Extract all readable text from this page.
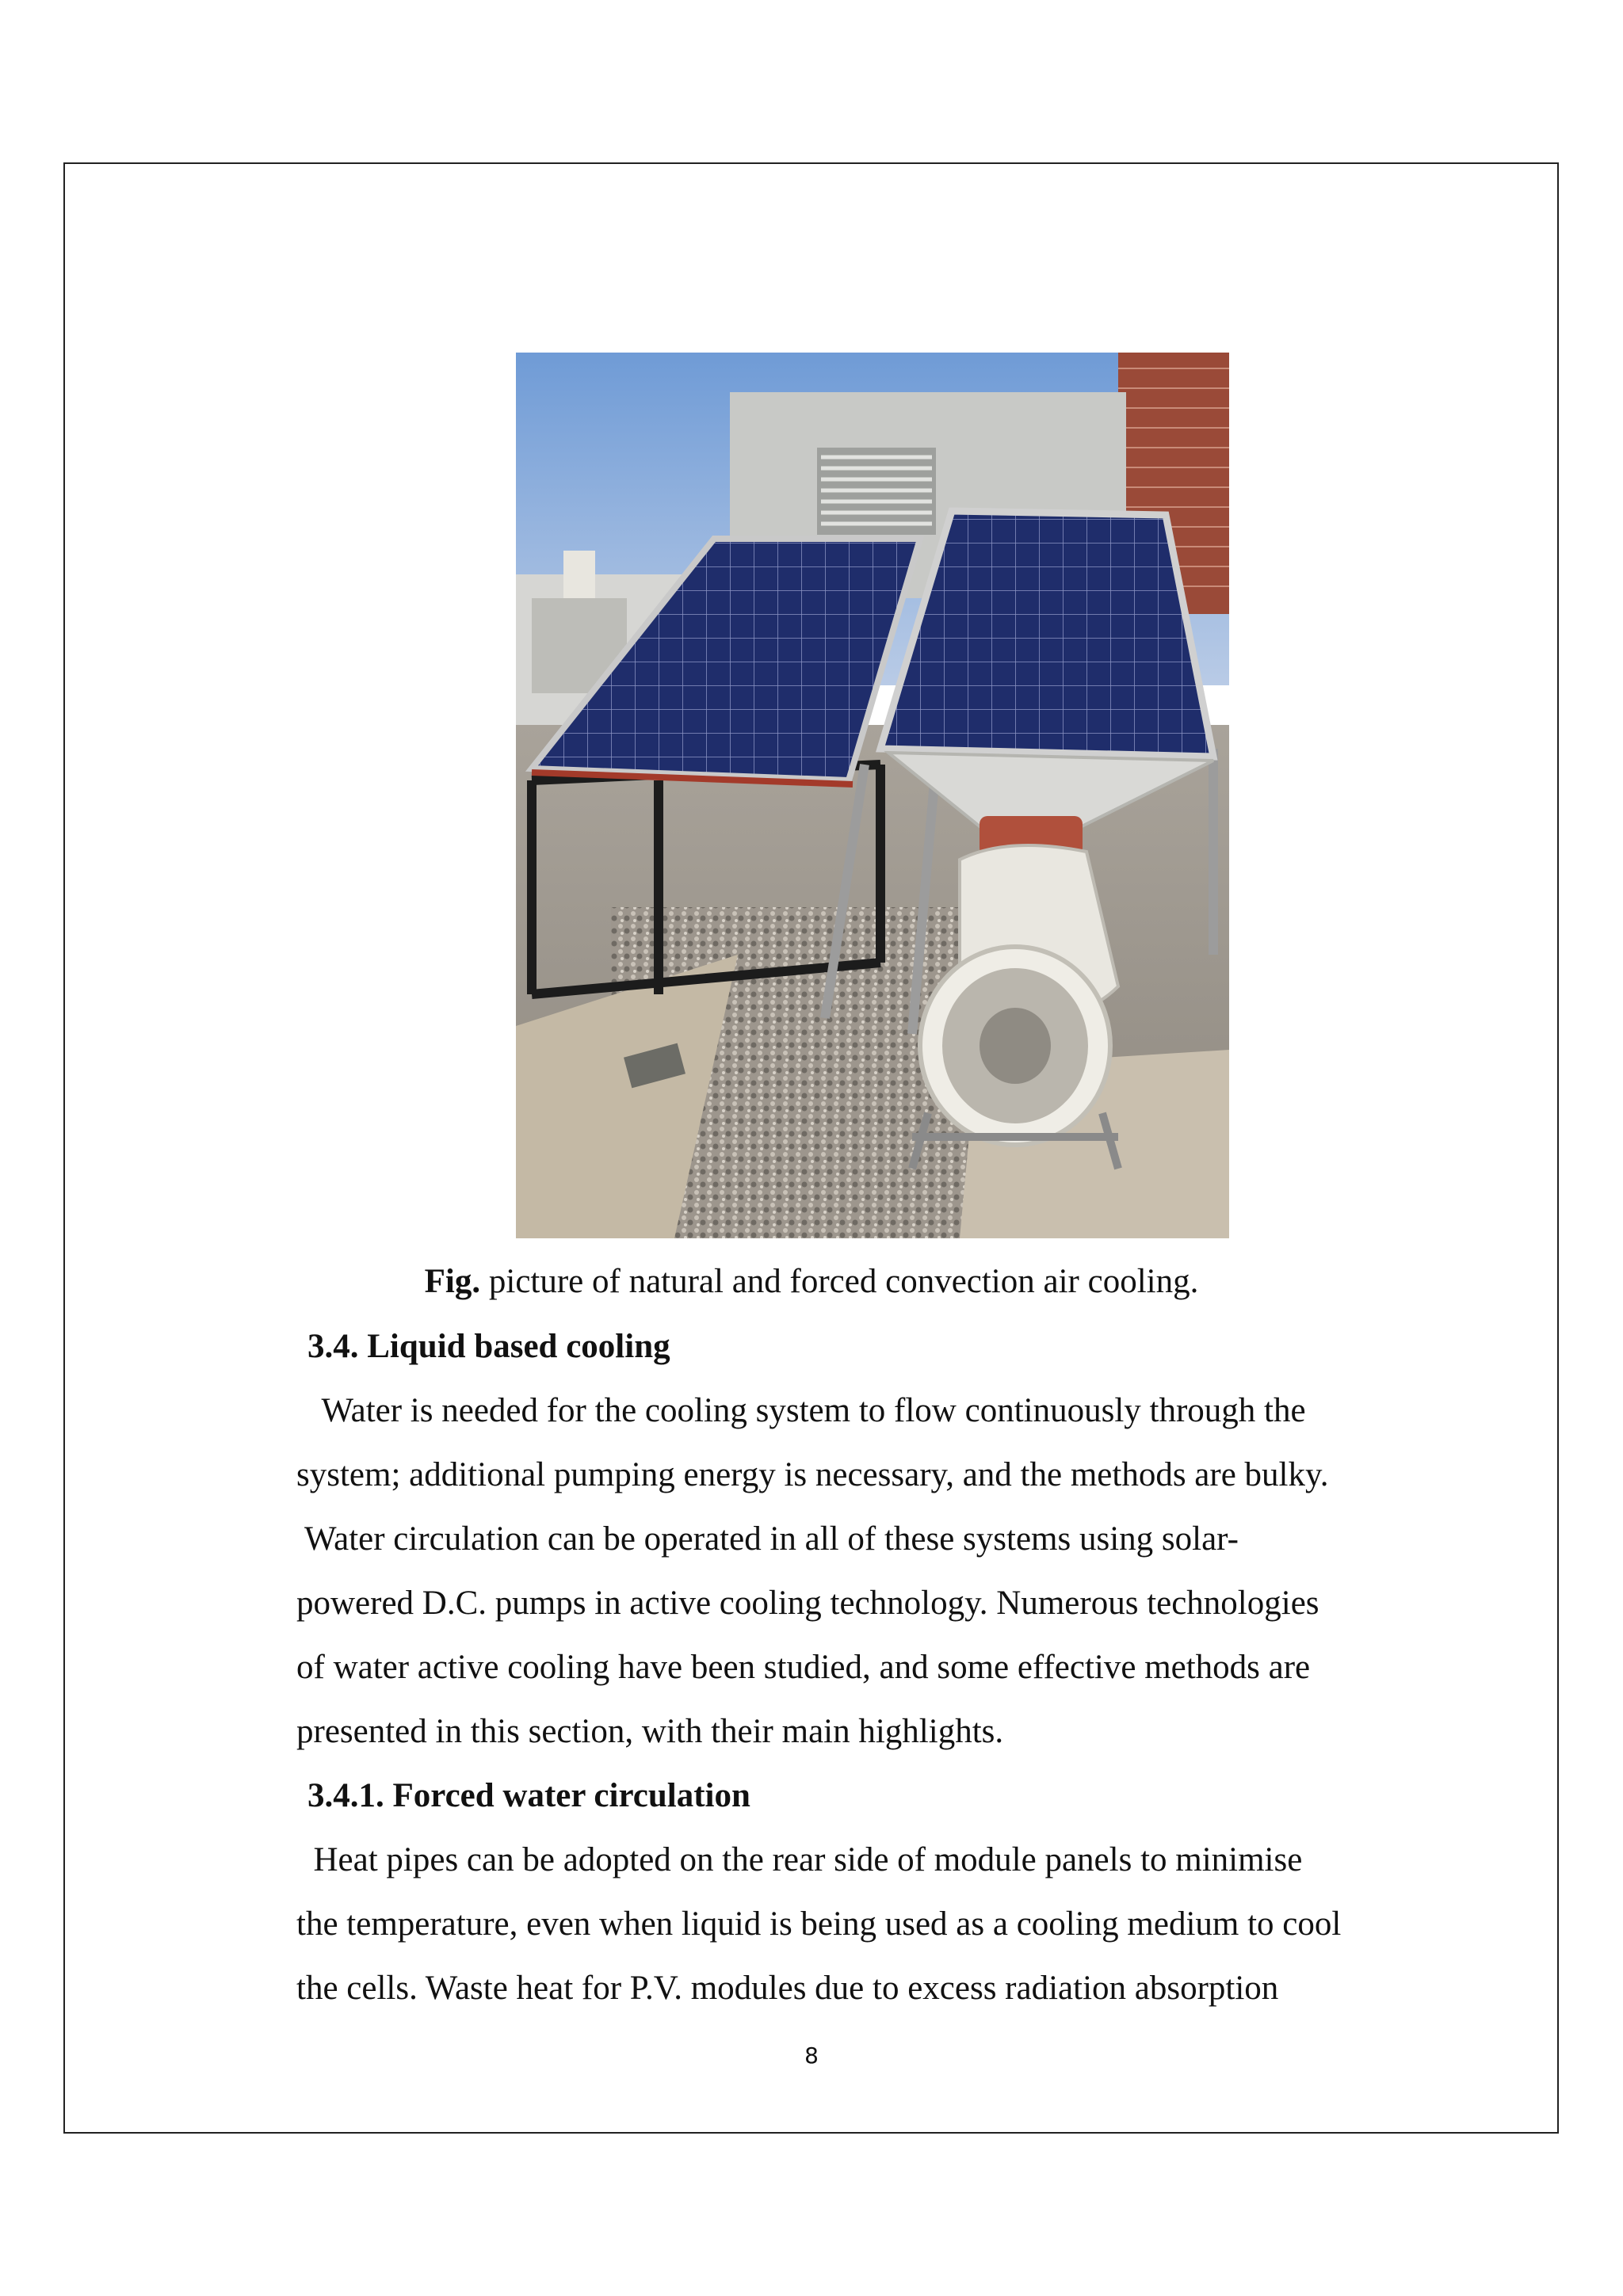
Fig. picture of natural and forced convection air cooling.
3.4. Liquid based cooling
Water is needed for the cooling system to flow continuously through the
system; additional pumping energy is necessary, and the methods are bulky.
Water circulation can be operated in all of these systems using solar-
powered D.C. pumps in active cooling technology. Numerous technologies
of water active cooling have been studied, and some effective methods are
presented in this section, with their main highlights.
3.4.1. Forced water circulation
Heat pipes can be adopted on the rear side of module panels to minimise
the temperature, even when liquid is being used as a cooling medium to cool
the cells. Waste heat for P.V. modules due to excess radiation absorption
8
